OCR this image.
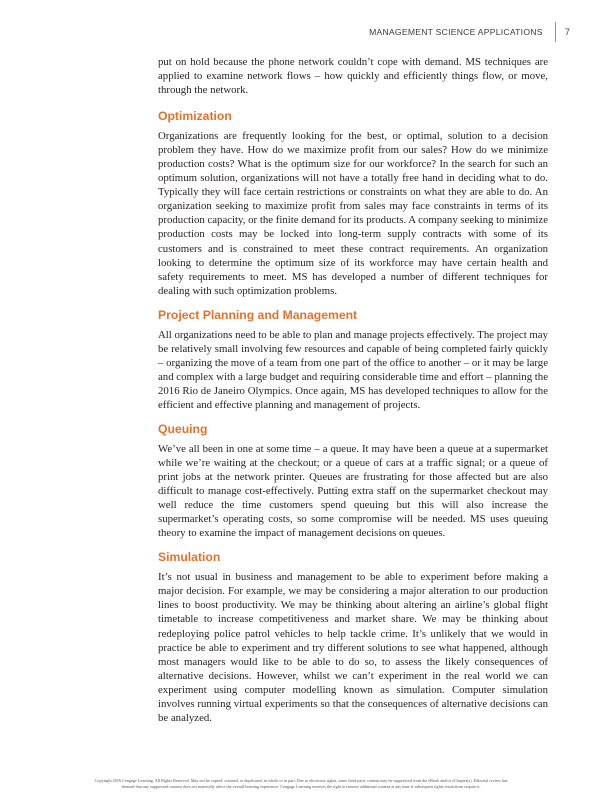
MANAGEMENT SCIENCE APPLICATIONS 7

put on hold because the phone network couldn’t cope with demand. MS techniques are applied to examine network flows – how quickly and efficiently things flow, or move, through the network.

Optimization

Organizations are frequently looking for the best, or optimal, solution to a decision problem they have. How do we maximize profit from our sales? How do we minimize production costs? What is the optimum size for our workforce? In the search for such an optimum solution, organizations will not have a totally free hand in deciding what to do. Typically they will face certain restrictions or constraints on what they are able to do. An organization seeking to maximize profit from sales may face constraints in terms of its production capacity, or the finite demand for its products. A company seeking to minimize production costs may be locked into long-term supply contracts with some of its customers and is constrained to meet these contract requirements. An organization looking to determine the optimum size of its workforce may have certain health and safety requirements to meet. MS has developed a number of different techniques for dealing with such optimization problems.

Project Planning and Management

All organizations need to be able to plan and manage projects effectively. The project may be relatively small involving few resources and capable of being completed fairly quickly – organizing the move of a team from one part of the office to another – or it may be large and complex with a large budget and requiring considerable time and effort – planning the 2016 Rio de Janeiro Olympics. Once again, MS has developed techniques to allow for the efficient and effective planning and management of projects.

Queuing

We’ve all been in one at some time – a queue. It may have been a queue at a supermarket while we’re waiting at the checkout; or a queue of cars at a traffic signal; or a queue of print jobs at the network printer. Queues are frustrating for those affected but are also difficult to manage cost-effectively. Putting extra staff on the supermarket checkout may well reduce the time customers spend queuing but this will also increase the supermarket’s operating costs, so some compromise will be needed. MS uses queuing theory to examine the impact of management decisions on queues.

Simulation

It’s not usual in business and management to be able to experiment before making a major decision. For example, we may be considering a major alteration to our production lines to boost productivity. We may be thinking about altering an airline’s global flight timetable to increase competitiveness and market share. We may be thinking about redeploying police patrol vehicles to help tackle crime. It’s unlikely that we would in practice be able to experiment and try different solutions to see what happened, although most managers would like to be able to do so, to assess the likely consequences of alternative decisions. However, whilst we can’t experiment in the real world we can experiment using computer modelling known as simulation. Computer simulation involves running virtual experiments so that the consequences of alternative decisions can be analyzed.

Copyright 2016 Cengage Learning. All Rights Reserved. May not be copied, scanned, or duplicated, in whole or in part. Due to electronic rights, some third party content may be suppressed from the eBook and/or eChapter(s). Editorial review has
deemed that any suppressed content does not materially affect the overall learning experience. Cengage Learning reserves the right to remove additional content at any time if subsequent rights restrictions require it.
